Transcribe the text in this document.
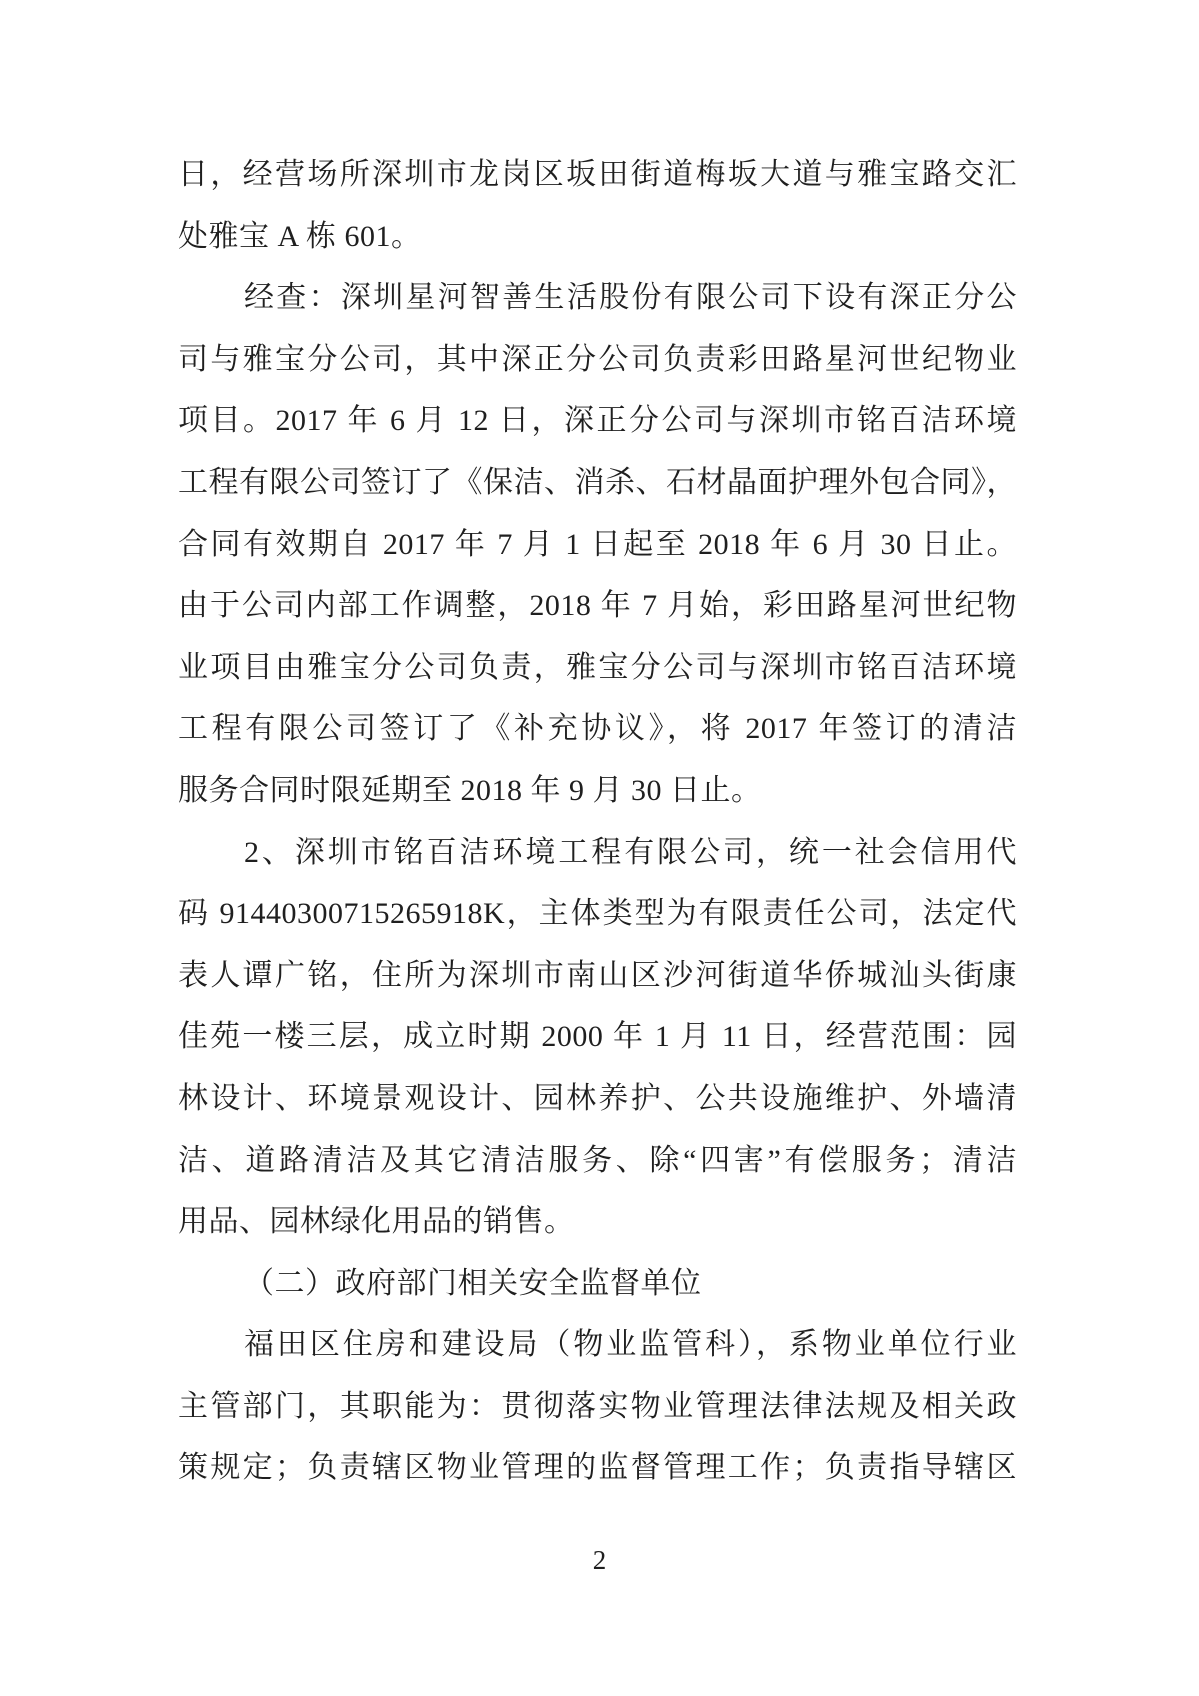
日，经营场所深圳市龙岗区坂田街道梅坂大道与雅宝路交汇
处雅宝 A 栋 601。
经查：深圳星河智善生活股份有限公司下设有深正分公
司与雅宝分公司，其中深正分公司负责彩田路星河世纪物业
项目。2017 年 6 月 12 日，深正分公司与深圳市铭百洁环境
工程有限公司签订了《保洁、消杀、石材晶面护理外包合同》，
合同有效期自 2017 年 7 月 1 日起至 2018 年 6 月 30 日止。
由于公司内部工作调整，2018 年 7 月始，彩田路星河世纪物
业项目由雅宝分公司负责，雅宝分公司与深圳市铭百洁环境
工程有限公司签订了《补充协议》，将 2017 年签订的清洁
服务合同时限延期至 2018 年 9 月 30 日止。
2、深圳市铭百洁环境工程有限公司，统一社会信用代
码 91440300715265918K，主体类型为有限责任公司，法定代
表人谭广铭，住所为深圳市南山区沙河街道华侨城汕头街康
佳苑一楼三层，成立时期 2000 年 1 月 11 日，经营范围：园
林设计、环境景观设计、园林养护、公共设施维护、外墙清
洁、道路清洁及其它清洁服务、除“四害”有偿服务；清洁
用品、园林绿化用品的销售。
（二）政府部门相关安全监督单位
福田区住房和建设局（物业监管科），系物业单位行业
主管部门，其职能为：贯彻落实物业管理法律法规及相关政
策规定；负责辖区物业管理的监督管理工作；负责指导辖区
2
